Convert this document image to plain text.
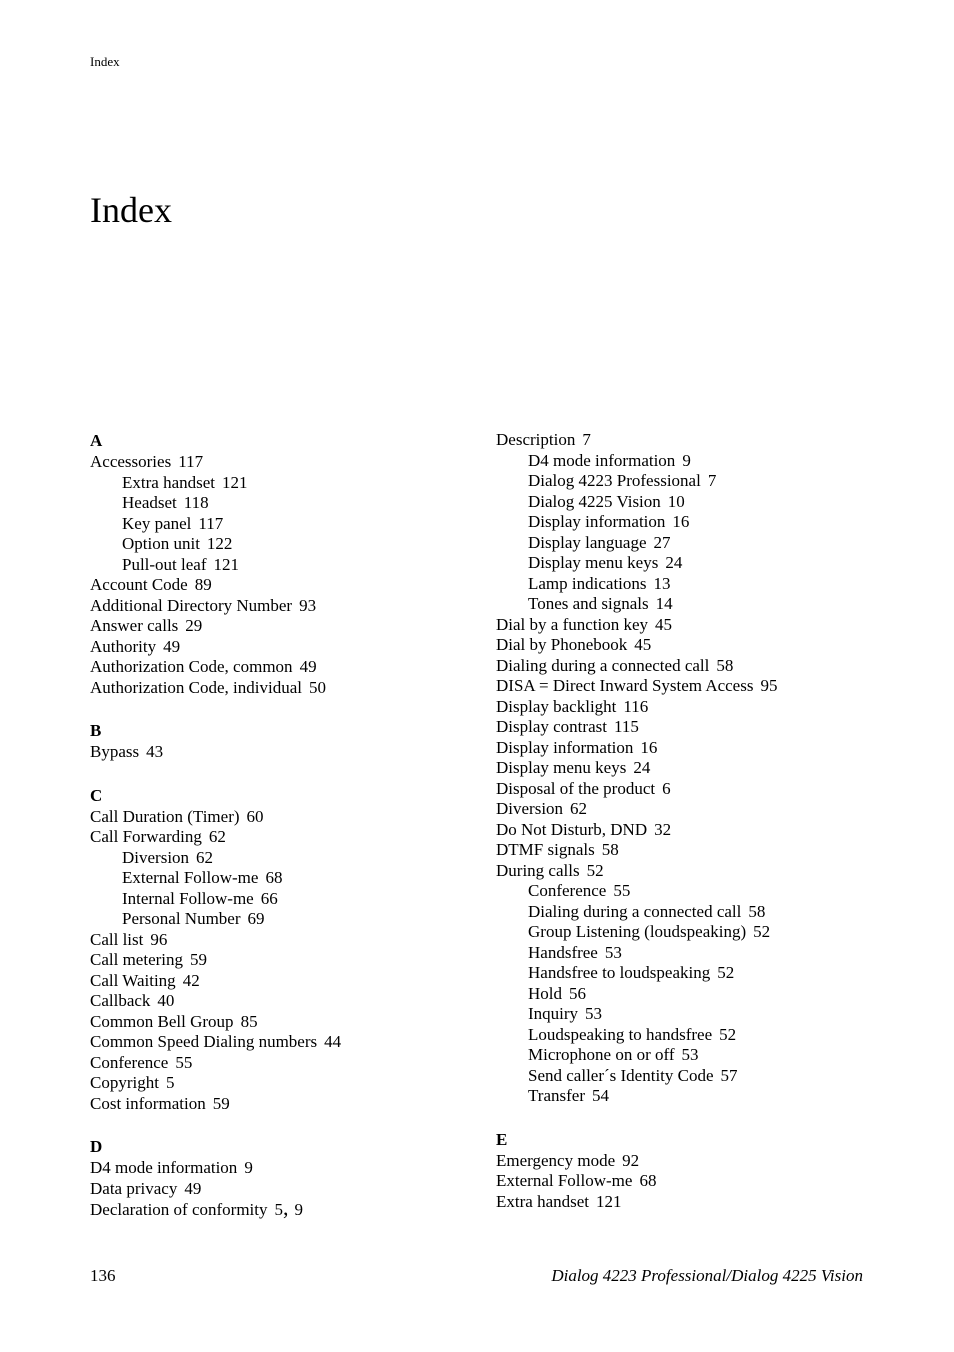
Index
Index
A
Accessories 117
Extra handset 121
Headset 118
Key panel 117
Option unit 122
Pull-out leaf 121
Account Code 89
Additional Directory Number 93
Answer calls 29
Authority 49
Authorization Code, common 49
Authorization Code, individual 50
B
Bypass 43
C
Call Duration (Timer) 60
Call Forwarding 62
Diversion 62
External Follow-me 68
Internal Follow-me 66
Personal Number 69
Call list 96
Call metering 59
Call Waiting 42
Callback 40
Common Bell Group 85
Common Speed Dialing numbers 44
Conference 55
Copyright 5
Cost information 59
D
D4 mode information 9
Data privacy 49
Declaration of conformity 5, 9
Description 7
D4 mode information 9
Dialog 4223 Professional 7
Dialog 4225 Vision 10
Display information 16
Display language 27
Display menu keys 24
Lamp indications 13
Tones and signals 14
Dial by a function key 45
Dial by Phonebook 45
Dialing during a connected call 58
DISA = Direct Inward System Access 95
Display backlight 116
Display contrast 115
Display information 16
Display menu keys 24
Disposal of the product 6
Diversion 62
Do Not Disturb, DND 32
DTMF signals 58
During calls 52
Conference 55
Dialing during a connected call 58
Group Listening (loudspeaking) 52
Handsfree 53
Handsfree to loudspeaking 52
Hold 56
Inquiry 53
Loudspeaking to handsfree 52
Microphone on or off 53
Send caller´s Identity Code 57
Transfer 54
E
Emergency mode 92
External Follow-me 68
Extra handset 121
136	Dialog 4223 Professional/Dialog 4225 Vision
